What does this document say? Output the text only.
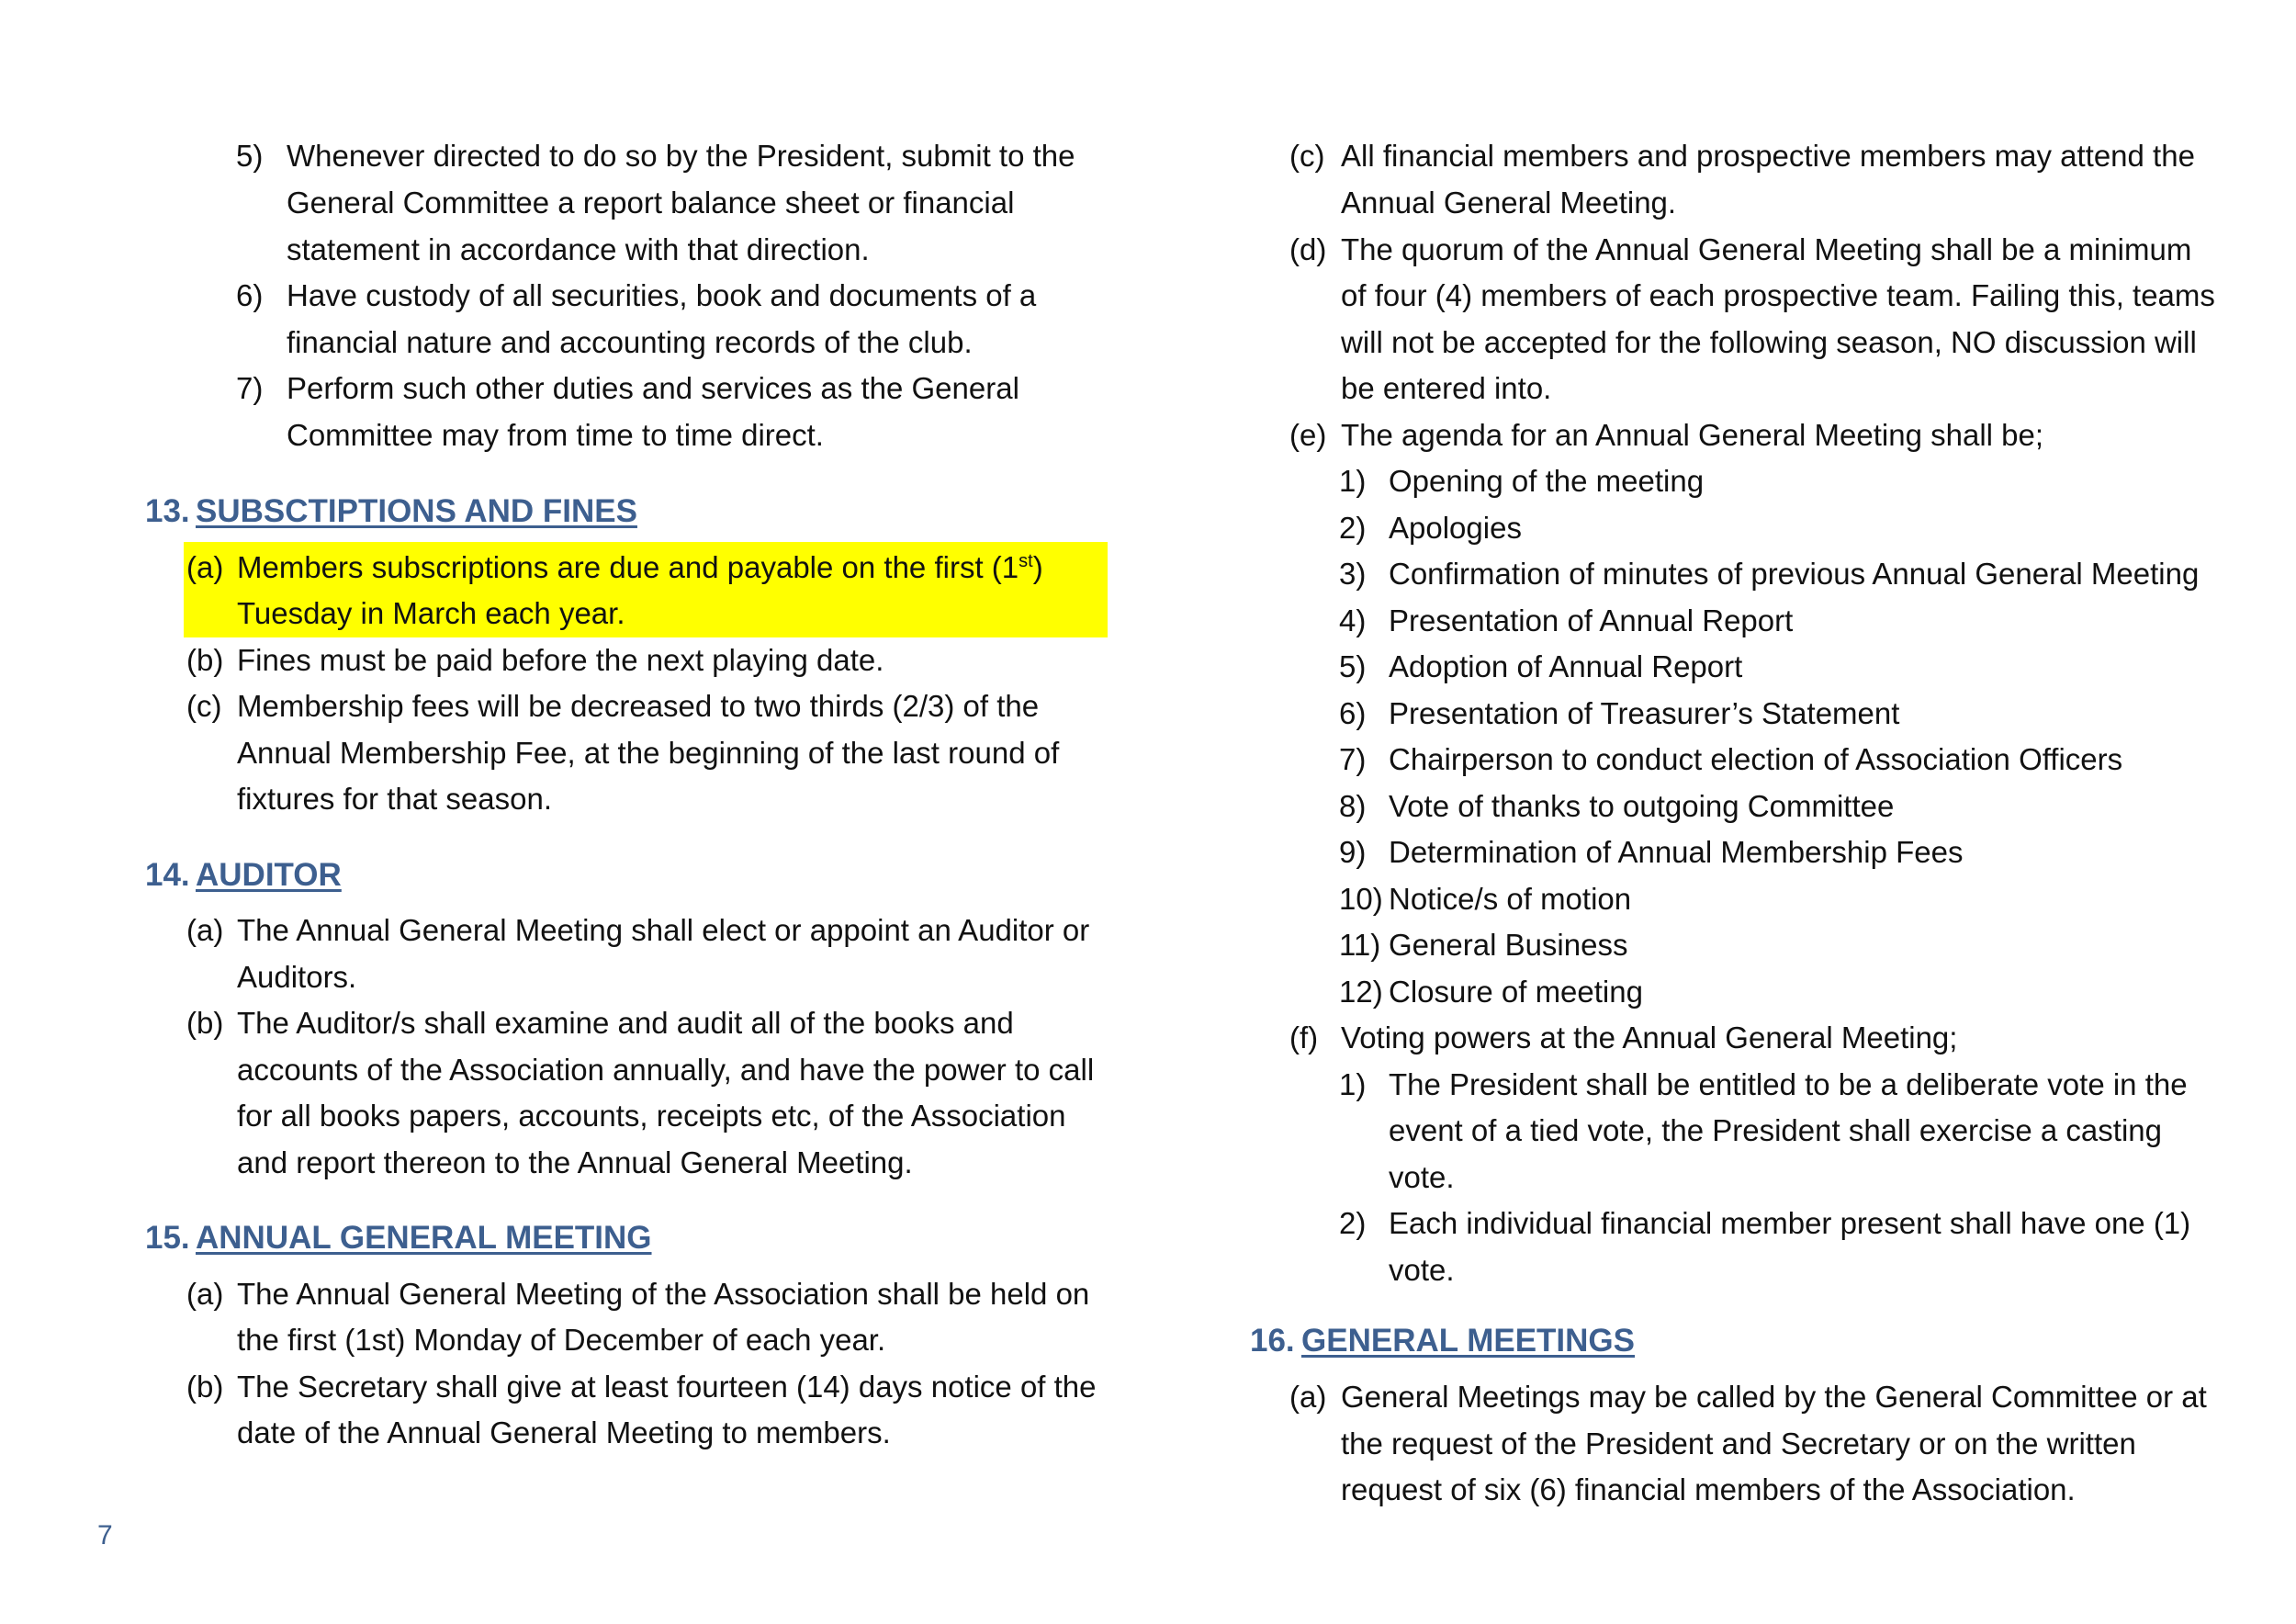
5) Whenever directed to do so by the President, submit to the
General Committee a report balance sheet or financial
statement in accordance with that direction.
6) Have custody of all securities, book and documents of a
financial nature and accounting records of the club.
7) Perform such other duties and services as the General
Committee may from time to time direct.
13. SUBSCTIPTIONS AND FINES
(a) Members subscriptions are due and payable on the first (1st)
Tuesday in March each year.
(b) Fines must be paid before the next playing date.
(c) Membership fees will be decreased to two thirds (2/3) of the
Annual Membership Fee, at the beginning of the last round of
fixtures for that season.
14. AUDITOR
(a) The Annual General Meeting shall elect or appoint an Auditor or
Auditors.
(b) The Auditor/s shall examine and audit all of the books and
accounts of the Association annually, and have the power to call
for all books papers, accounts, receipts etc, of the Association
and report thereon to the Annual General Meeting.
15. ANNUAL GENERAL MEETING
(a) The Annual General Meeting of the Association shall be held on
the first (1st) Monday of December of each year.
(b) The Secretary shall give at least fourteen (14) days notice of the
date of the Annual General Meeting to members.
7
(c) All financial members and prospective members may attend the
Annual General Meeting.
(d) The quorum of the Annual General Meeting shall be a minimum
of four (4) members of each prospective team. Failing this, teams
will not be accepted for the following season, NO discussion will
be entered into.
(e) The agenda for an Annual General Meeting shall be;
1) Opening of the meeting
2) Apologies
3) Confirmation of minutes of previous Annual General Meeting
4) Presentation of Annual Report
5) Adoption of Annual Report
6) Presentation of Treasurer’s Statement
7) Chairperson to conduct election of Association Officers
8) Vote of thanks to outgoing Committee
9) Determination of Annual Membership Fees
10) Notice/s of motion
11) General Business
12) Closure of meeting
(f) Voting powers at the Annual General Meeting;
1) The President shall be entitled to be a deliberate vote in the
event of a tied vote, the President shall exercise a casting
vote.
2) Each individual financial member present shall have one (1)
vote.
16. GENERAL MEETINGS
(a) General Meetings may be called by the General Committee or at
the request of the President and Secretary or on the written
request of six (6) financial members of the Association.
